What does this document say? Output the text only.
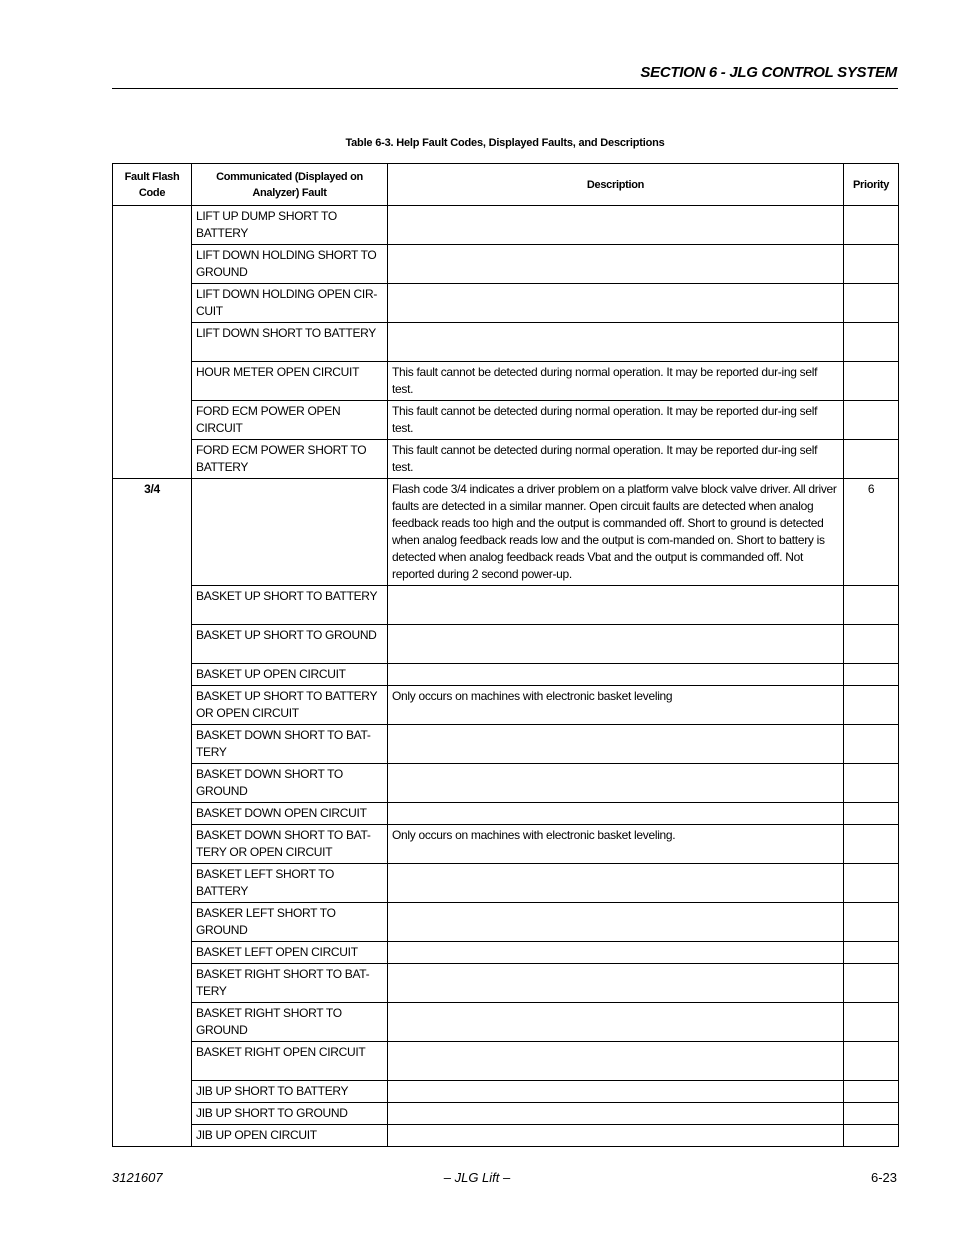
SECTION 6 - JLG CONTROL SYSTEM
Table 6-3. Help Fault Codes, Displayed Faults, and Descriptions
Fault Flash Code	Communicated (Displayed on Analyzer) Fault	Description	Priority
	LIFT UP DUMP SHORT TO BATTERY		
	LIFT DOWN HOLDING SHORT TO GROUND		
	LIFT DOWN HOLDING OPEN CIR-CUIT		
	LIFT DOWN SHORT TO BATTERY		
	HOUR METER OPEN CIRCUIT	This fault cannot be detected during normal operation. It may be reported dur-ing self test.	
	FORD ECM POWER OPEN CIRCUIT	This fault cannot be detected during normal operation. It may be reported dur-ing self test.	
	FORD ECM POWER SHORT TO BATTERY	This fault cannot be detected during normal operation. It may be reported dur-ing self test.	
3/4		Flash code 3/4 indicates a driver problem on a platform valve block valve driver. All driver faults are detected in a similar manner. Open circuit faults are detected when analog feedback reads too high and the output is commanded off. Short to ground is detected when analog feedback reads low and the output is com-manded on. Short to battery is detected when analog feedback reads Vbat and the output is commanded off. Not reported during 2 second power-up.	6
	BASKET UP SHORT TO BATTERY		
	BASKET UP SHORT TO GROUND		
	BASKET UP OPEN CIRCUIT		
	BASKET UP SHORT TO BATTERY OR OPEN CIRCUIT	Only occurs on machines with electronic basket leveling	
	BASKET DOWN SHORT TO BAT-TERY		
	BASKET DOWN SHORT TO GROUND		
	BASKET DOWN OPEN CIRCUIT		
	BASKET DOWN SHORT TO BAT-TERY OR OPEN CIRCUIT	Only occurs on machines with electronic basket leveling.	
	BASKET LEFT SHORT TO BATTERY		
	BASKER LEFT SHORT TO GROUND		
	BASKET LEFT OPEN CIRCUIT		
	BASKET RIGHT SHORT TO BAT-TERY		
	BASKET RIGHT SHORT TO GROUND		
	BASKET RIGHT OPEN CIRCUIT		
	JIB UP SHORT TO BATTERY		
	JIB UP SHORT TO GROUND		
	JIB UP OPEN CIRCUIT		
3121607	– JLG Lift –	6-23
